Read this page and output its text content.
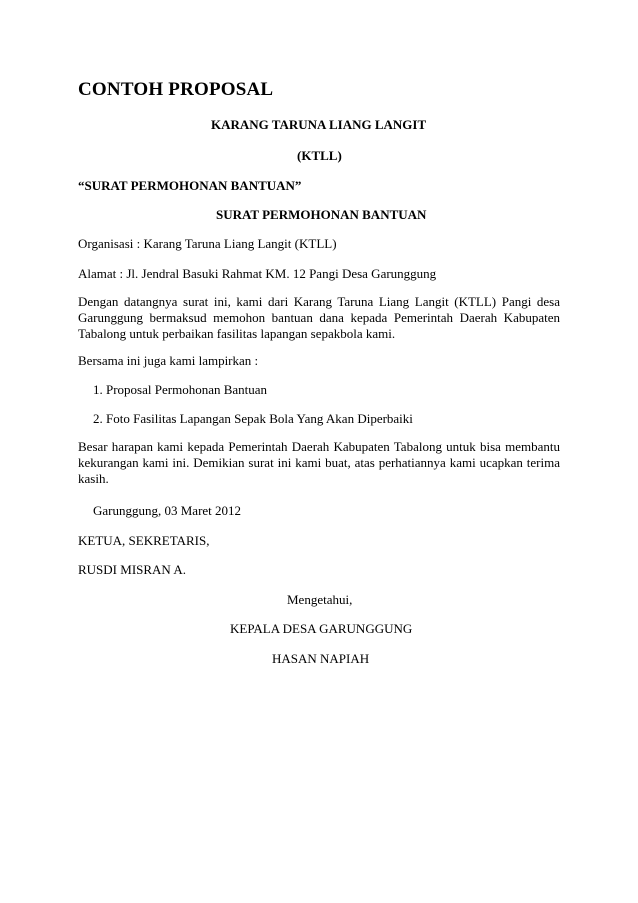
CONTOH PROPOSAL
KARANG TARUNA LIANG LANGIT
(KTLL)
“SURAT PERMOHONAN BANTUAN”
SURAT PERMOHONAN BANTUAN
Organisasi : Karang Taruna Liang Langit (KTLL)
Alamat : Jl. Jendral Basuki Rahmat KM. 12 Pangi Desa Garunggung
Dengan datangnya surat ini, kami dari Karang Taruna Liang Langit (KTLL) Pangi desa Garunggung bermaksud memohon bantuan dana kepada Pemerintah Daerah Kabupaten Tabalong untuk perbaikan fasilitas lapangan sepakbola kami.
Bersama ini juga kami lampirkan :
1. Proposal Permohonan Bantuan
2. Foto Fasilitas Lapangan Sepak Bola Yang Akan Diperbaiki
Besar harapan kami kepada Pemerintah Daerah Kabupaten Tabalong untuk bisa membantu kekurangan kami ini. Demikian surat ini kami buat, atas perhatiannya kami ucapkan terima kasih.
Garunggung, 03 Maret 2012
KETUA, SEKRETARIS,
RUSDI MISRAN A.
Mengetahui,
KEPALA DESA GARUNGGUNG
HASAN NAPIAH
